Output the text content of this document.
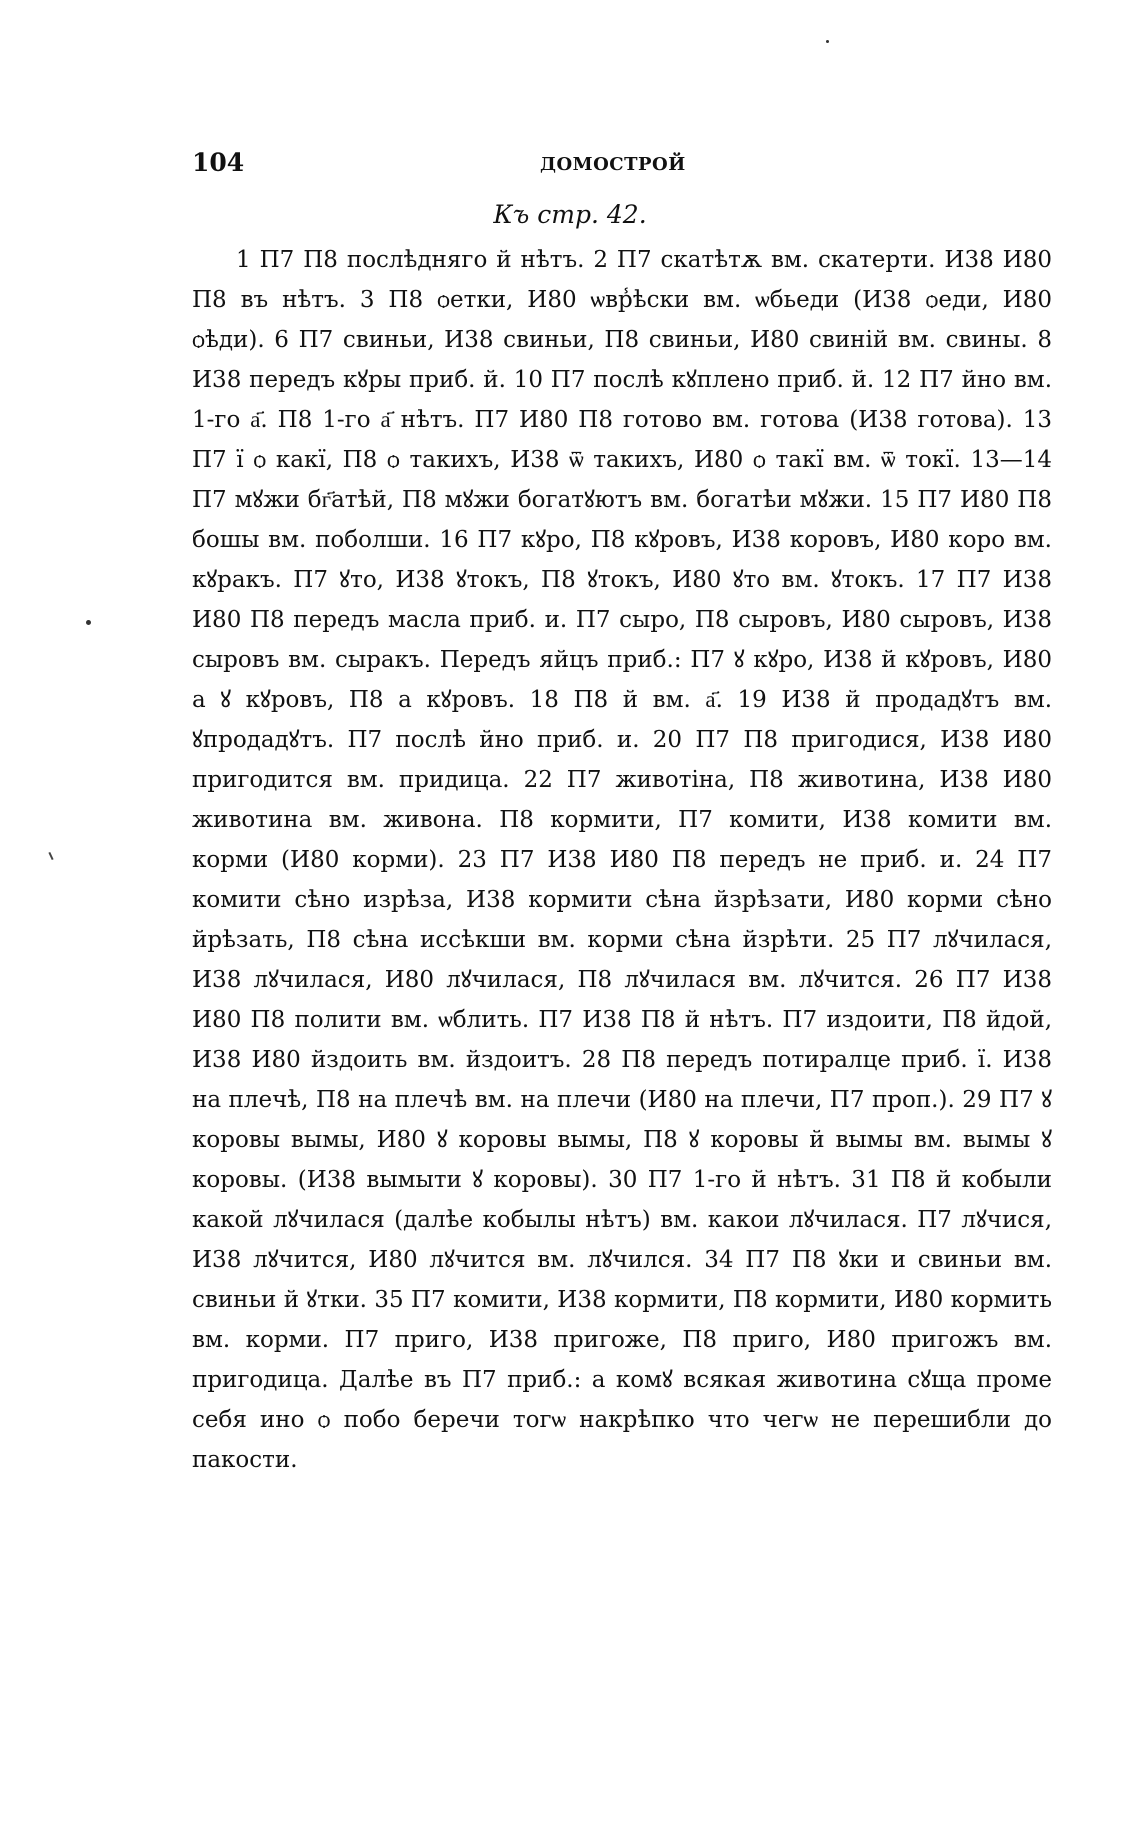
104	ДОМОСТРОЙ
Къ стр. 42.

1 П7 П8 послѣдняго й нѣтъ. 2 П7 скатѣтѫ вм. скатерти. И38 И80 П8 въ нѣтъ. 3 П8 ѻетки, И80 ѡвр̾ѣски вм. ѡбьеди (И38 ѻеди, И80 ѻѣди). 6 П7 свиньи, И38 свиньи, П8 свиньи, И80 свиній вм. свины. 8 И38 передъ кꙋры приб. й. 10 П7 послѣ кꙋплено приб. й. 12 П7 йно вм. 1-го а҃. П8 1-го а҃ нѣтъ. П7 И80 П8 готово вм. готова (И38 готова). 13 П7 ї ѻ какї, П8 ѻ такихъ, И38 ѿ такихъ, И80 ѻ такї вм. ѿ токї. 13—14 П7 мꙋжи бг҃атѣй, П8 мꙋжи богатꙋютъ вм. богатѣи мꙋжи. 15 П7 И80 П8 бошы вм. поболши. 16 П7 кꙋро, П8 кꙋровъ, И38 коровъ, И80 коро вм. кꙋрaкъ. П7 ꙋто, И38 ꙋтокъ, П8 ꙋтокъ, И80 ꙋто вм. ꙋтокъ. 17 П7 И38 И80 П8 передъ масла приб. и. П7 сыро, П8 сыровъ, И80 сыровъ, И38 сыровъ вм. сыракъ. Передъ яйцъ приб.: П7 ꙋ кꙋро, И38 й кꙋровъ, И80 а ꙋ кꙋровъ, П8 а кꙋровъ. 18 П8 й вм. а҃. 19 И38 й продадꙋтъ вм. ꙋпродадꙋтъ. П7 послѣ йно приб. и. 20 П7 П8 пригодися, И38 И80 пригодится вм. придица. 22 П7 животіна, П8 животина, И38 И80 животина вм. живона. П8 кормити, П7 комити, И38 комити вм. корми (И80 корми). 23 П7 И38 И80 П8 передъ не приб. и. 24 П7 комити сѣно изрѣза, И38 кормити сѣна йзрѣзати, И80 корми сѣно йрѣзать, П8 сѣна иссѣкши вм. корми сѣна йзрѣти. 25 П7 лꙋчилася, И38 лꙋчилася, И80 лꙋчилася, П8 лꙋчилася вм. лꙋчится. 26 П7 И38 И80 П8 полити вм. ѡблить. П7 И38 П8 й нѣтъ. П7 издоити, П8 йдой, И38 И80 йздоить вм. йздоитъ. 28 П8 передъ потиралце приб. ї. И38 на плечѣ, П8 на плечѣ вм. на плечи (И80 на плечи, П7 проп.). 29 П7 ꙋ коровы вымы, И80 ꙋ коровы вымы, П8 ꙋ коровы й вымы вм. вымы ꙋ коровы. (И38 вымыти ꙋ коровы). 30 П7 1-го й нѣтъ. 31 П8 й кобыли какой лꙋчилася (далѣе кобылы нѣтъ) вм. какои лꙋчилася. П7 лꙋчися, И38 лꙋчится, И80 лꙋчится вм. лꙋчился. 34 П7 П8 ꙋки и свиньи вм. свиньи й ꙋтки. 35 П7 комити, И38 кормити, П8 кормити, И80 кормить вм. корми. П7 приго, И38 пригоже, П8 приго, И80 пригожъ вм. пригодица. Далѣе въ П7 приб.: а комꙋ всякая животина сꙋща проме себя ино ѻ побо беречи тогѡ накрѣпко что чегѡ не перешибли до пакости.
